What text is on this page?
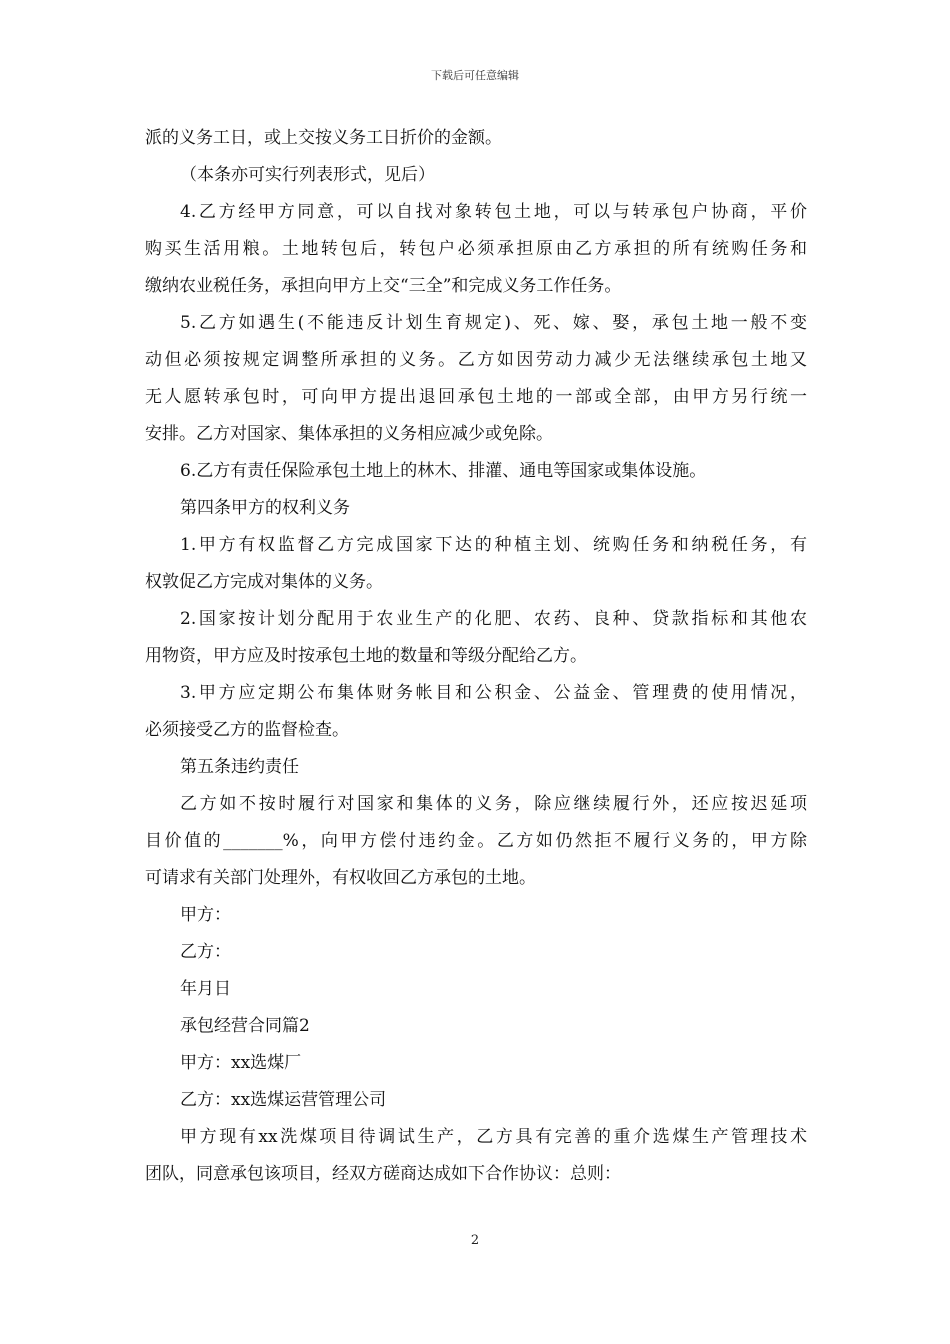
下载后可任意编辑
派的义务工日，或上交按义务工日折价的金额。
（本条亦可实行列表形式，见后）
4.乙方经甲方同意，可以自找对象转包土地，可以与转承包户协商，平价
购买生活用粮。土地转包后，转包户必须承担原由乙方承担的所有统购任务和
缴纳农业税任务，承担向甲方上交“三全”和完成义务工作任务。
5.乙方如遇生(不能违反计划生育规定)、死、嫁、娶，承包土地一般不变
动但必须按规定调整所承担的义务。乙方如因劳动力减少无法继续承包土地又
无人愿转承包时，可向甲方提出退回承包土地的一部或全部，由甲方另行统一
安排。乙方对国家、集体承担的义务相应减少或免除。
6.乙方有责任保险承包土地上的林木、排灌、通电等国家或集体设施。
第四条甲方的权利义务
1.甲方有权监督乙方完成国家下达的种植主划、统购任务和纳税任务，有
权敦促乙方完成对集体的义务。
2.国家按计划分配用于农业生产的化肥、农药、良种、贷款指标和其他农
用物资，甲方应及时按承包土地的数量和等级分配给乙方。
3.甲方应定期公布集体财务帐目和公积金、公益金、管理费的使用情况，
必须接受乙方的监督检查。
第五条违约责任
乙方如不按时履行对国家和集体的义务，除应继续履行外，还应按迟延项
目价值的_______%，向甲方偿付违约金。乙方如仍然拒不履行义务的，甲方除
可请求有关部门处理外，有权收回乙方承包的土地。
甲方：
乙方：
年月日
承包经营合同篇2
甲方：xx选煤厂
乙方：xx选煤运营管理公司
甲方现有xx洗煤项目待调试生产，乙方具有完善的重介选煤生产管理技术
团队，同意承包该项目，经双方磋商达成如下合作协议：总则：
2
